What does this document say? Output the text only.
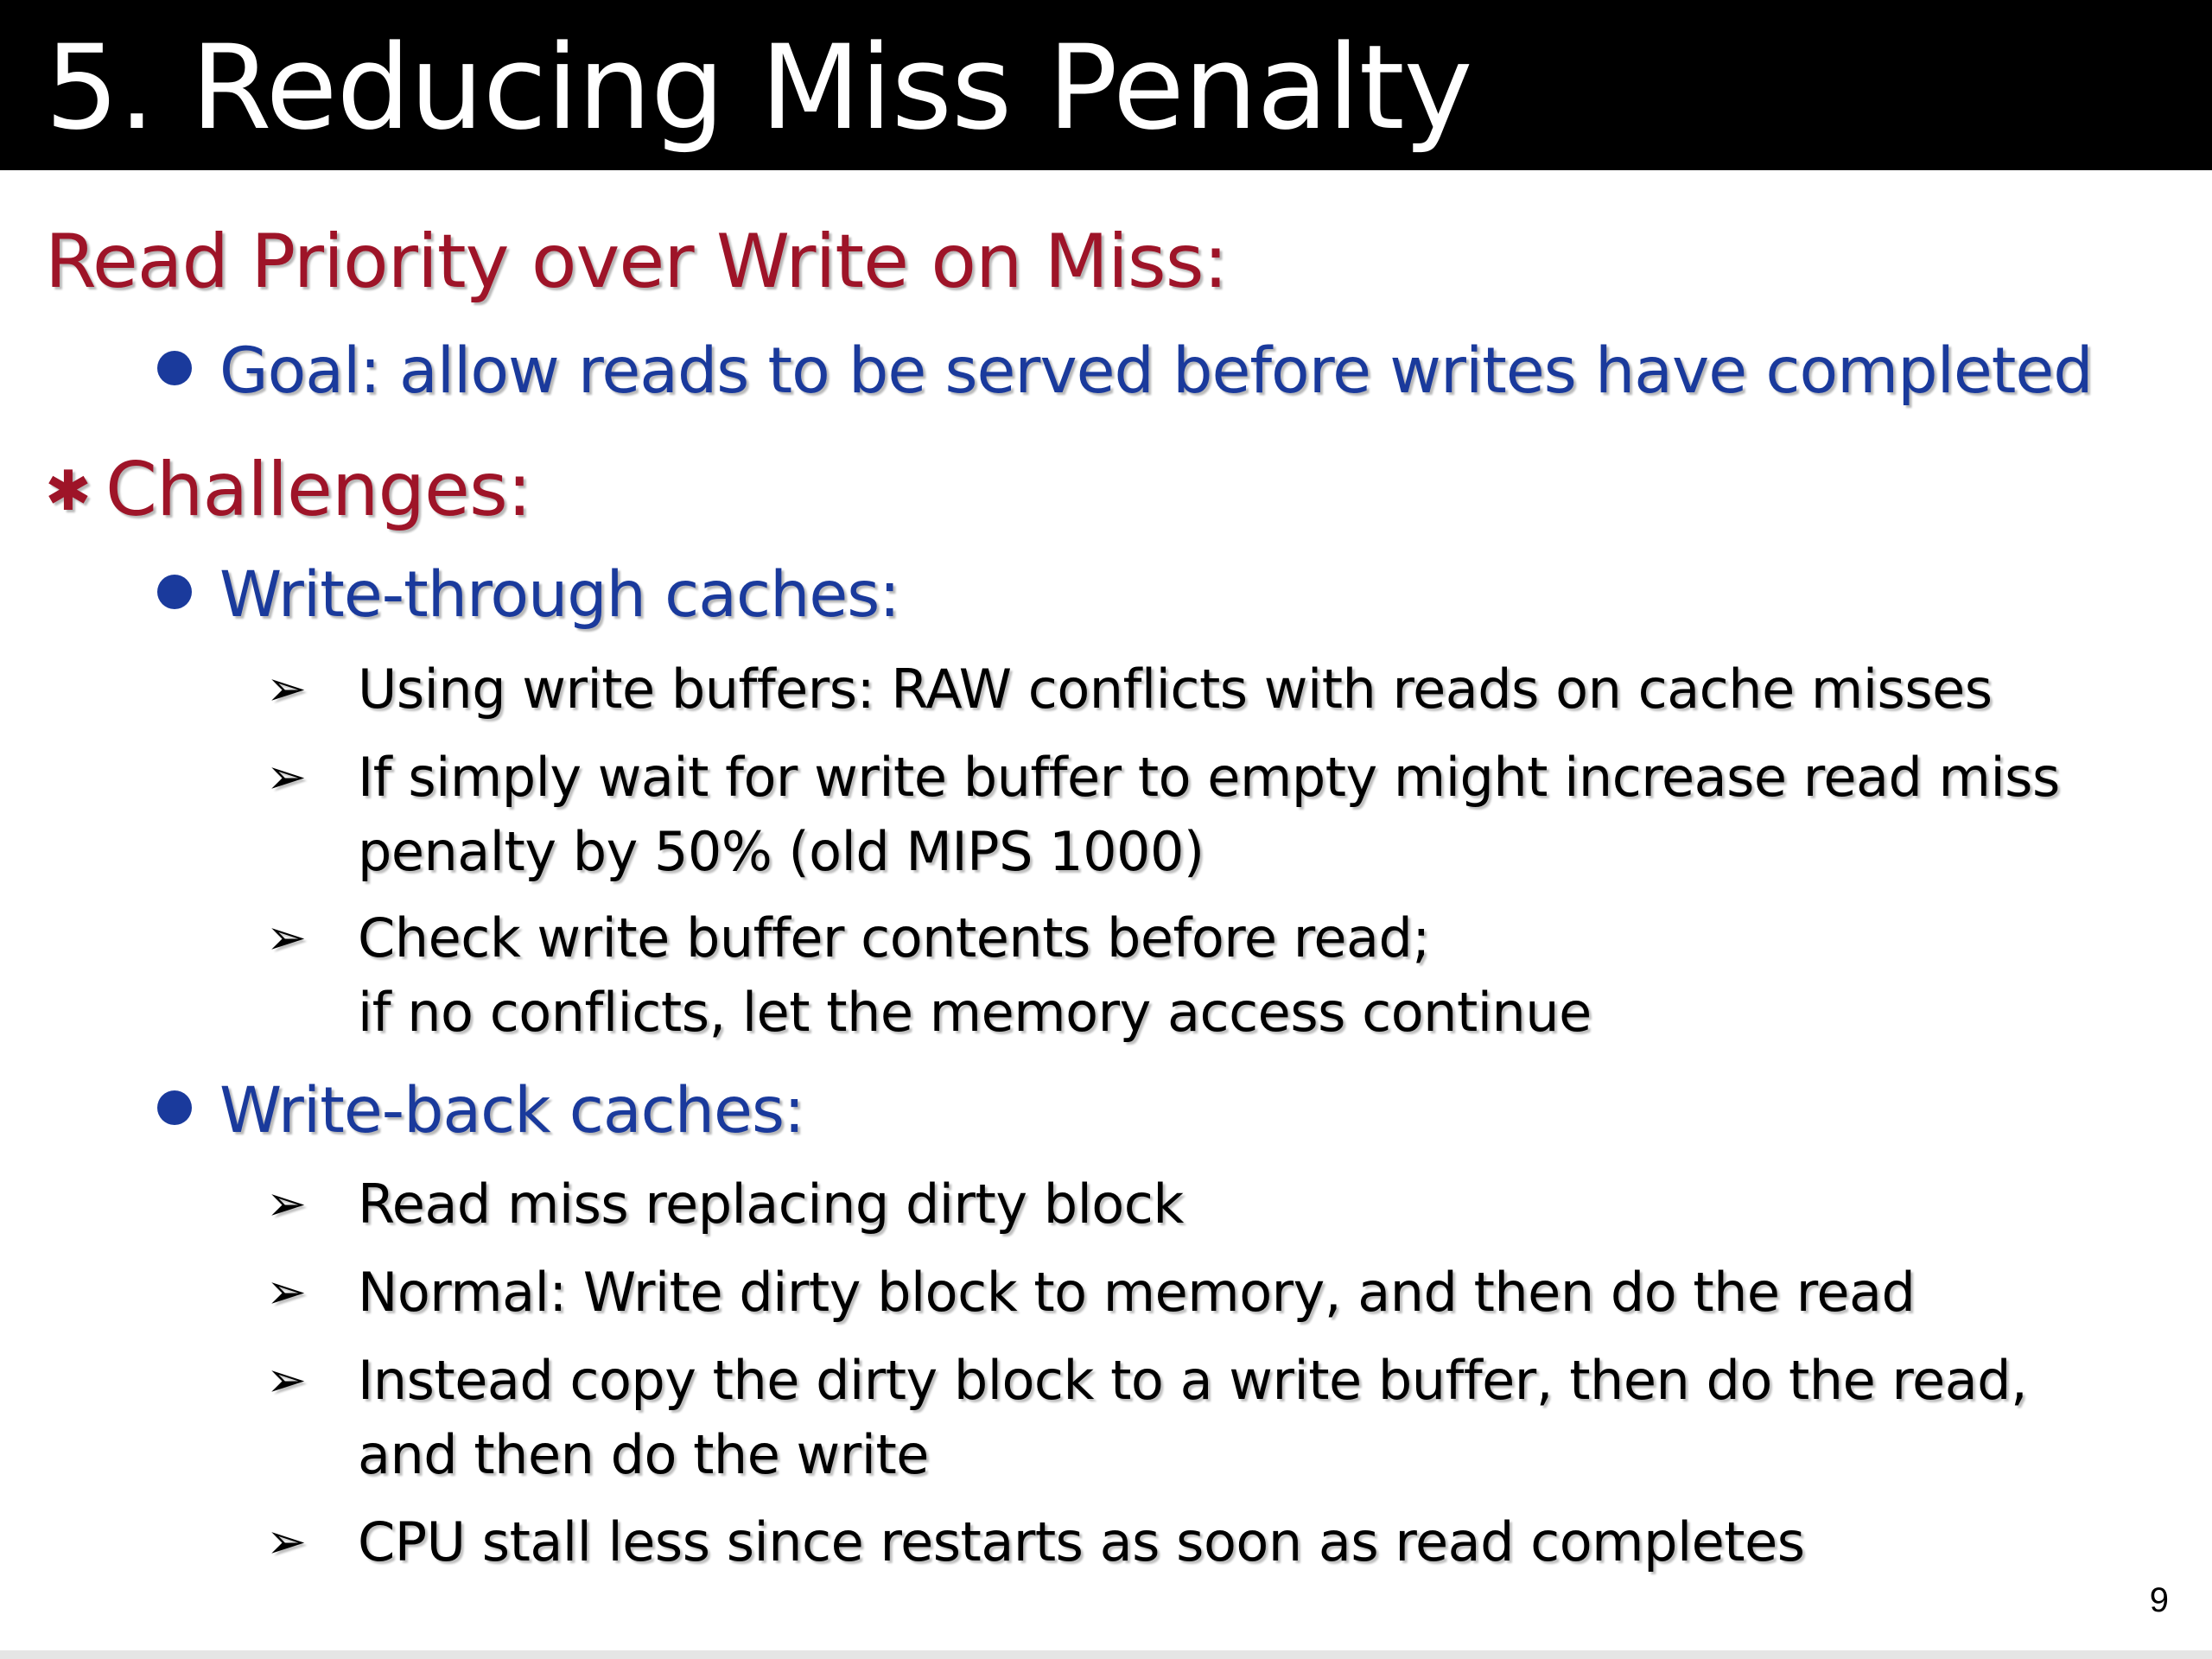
5. Reducing Miss Penalty
Read Priority over Write on Miss:
Goal: allow reads to be served before writes have completed
✱ Challenges:
Write-through caches:
➢ Using write buffers: RAW conflicts with reads on cache misses
➢ If simply wait for write buffer to empty might increase read miss
penalty by 50% (old MIPS 1000)
➢ Check write buffer contents before read;
if no conflicts, let the memory access continue
Write-back caches:
➢ Read miss replacing dirty block
➢ Normal: Write dirty block to memory, and then do the read
➢ Instead copy the dirty block to a write buffer, then do the read,
and then do the write
➢ CPU stall less since restarts as soon as read completes
9
